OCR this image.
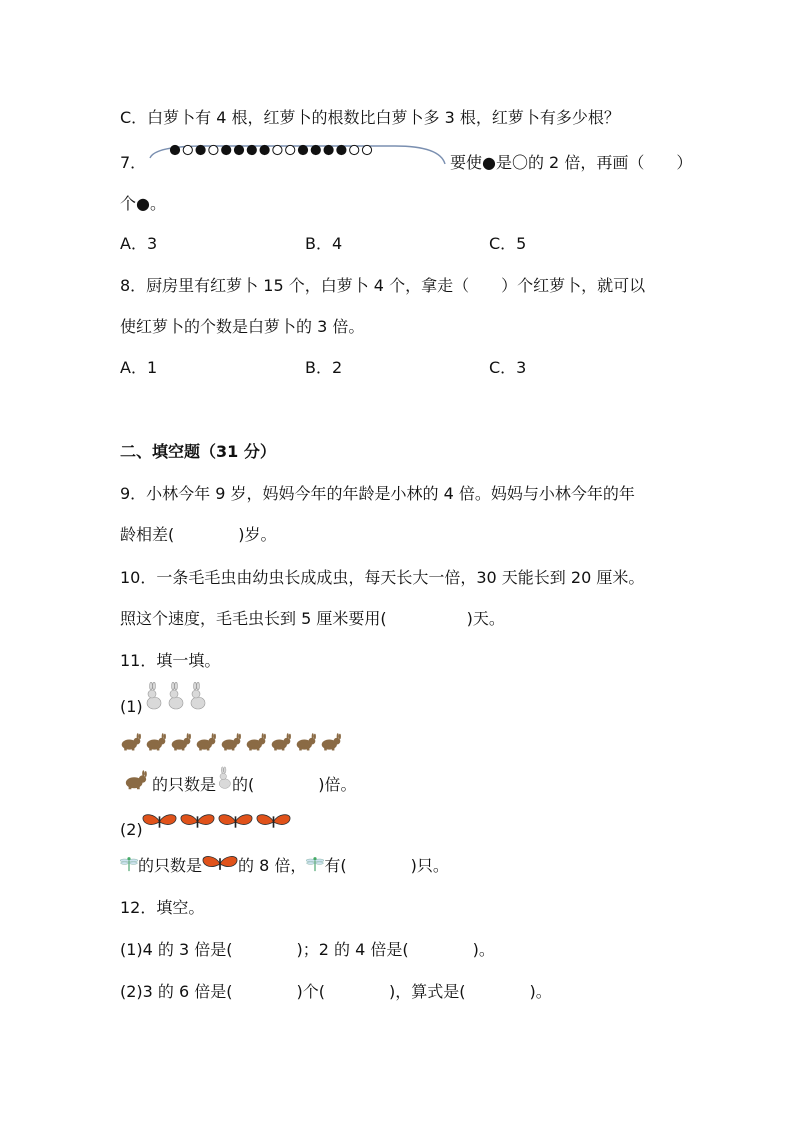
C．白萝卜有 4 根，红萝卜的根数比白萝卜多 3 根，红萝卜有多少根？
7．	要使●是〇的 2 倍，再画（　　）
个●。
A．3	B．4	C．5
8．厨房里有红萝卜 15 个，白萝卜 4 个，拿走（　　）个红萝卜，就可以
使红萝卜的个数是白萝卜的 3 倍。
A．1	B．2	C．3
二、填空题（31 分）
9．小林今年 9 岁，妈妈今年的年龄是小林的 4 倍。妈妈与小林今年的年
龄相差(　　　　)岁。
10．一条毛毛虫由幼虫长成成虫，每天长大一倍，30 天能长到 20 厘米。
照这个速度，毛毛虫长到 5 厘米要用(　　　　　)天。
11．填一填。
(1)
的只数是 的(　　　　)倍。
(2)
的只数是 的 8 倍， 有(　　　　)只。
12．填空。
(1)4 的 3 倍是(　　　　)；2 的 4 倍是(　　　　)。
(2)3 的 6 倍是(　　　　)个(　　　　)，算式是(　　　　)。
